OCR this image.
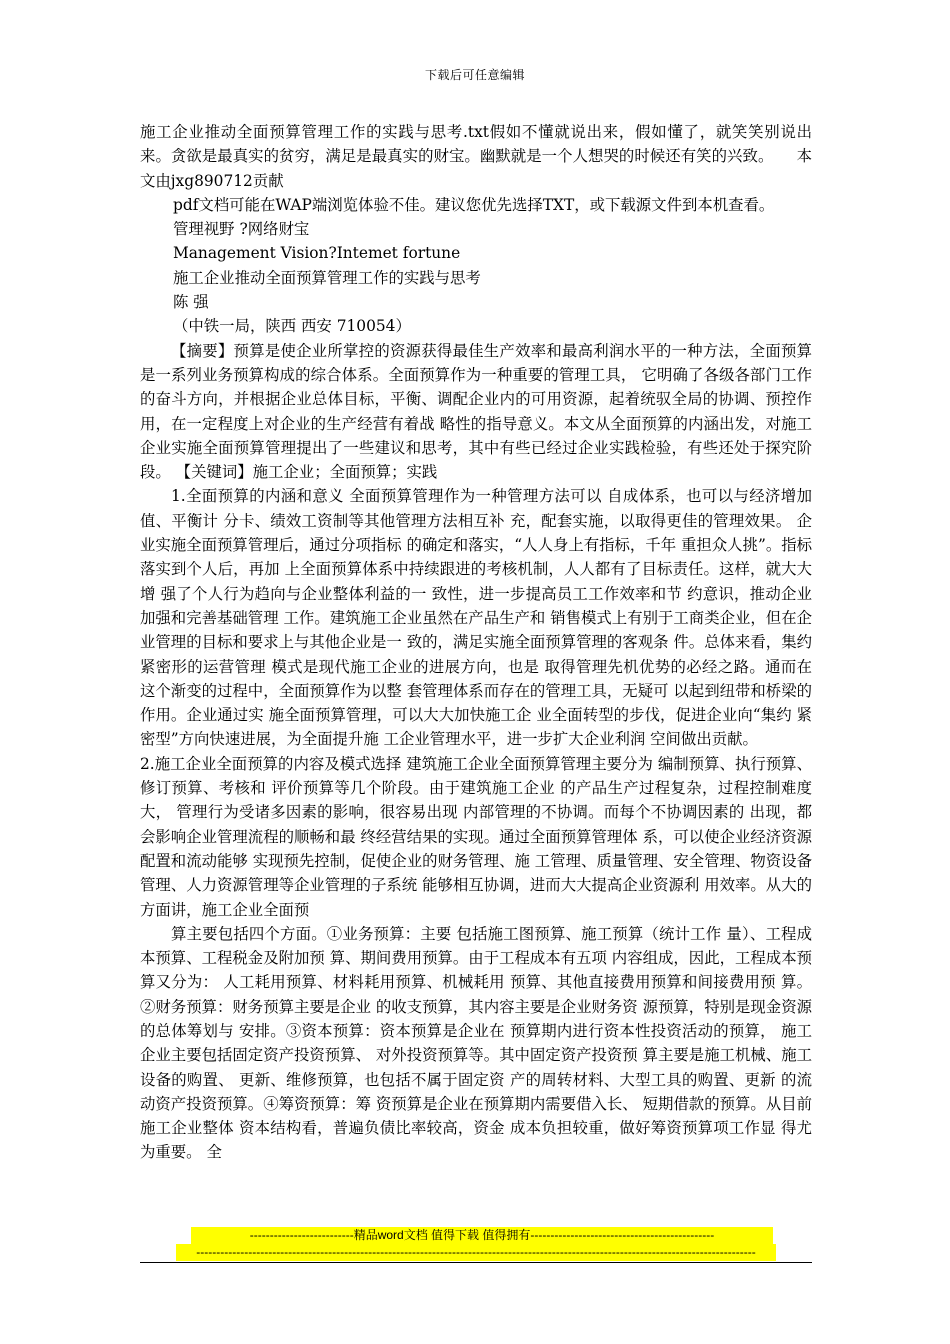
下载后可任意编辑

施工企业推动全面预算管理工作的实践与思考.txt假如不懂就说出来，假如懂了，就笑笑别说出来。贪欲是最真实的贫穷，满足是最真实的财宝。幽默就是一个人想哭的时候还有笑的兴致。　　本文由jxg890712贡献

pdf文档可能在WAP端浏览体验不佳。建议您优先选择TXT，或下载源文件到本机查看。

管理视野 ?网络财宝

Management Vision?Intemet fortune

施工企业推动全面预算管理工作的实践与思考

陈 强

（中铁一局，陕西 西安 710054）

【摘要】预算是使企业所掌控的资源获得最佳生产效率和最高利润水平的一种方法，全面预算是一系列业务预算构成的综合体系。全面预算作为一种重要的管理工具， 它明确了各级各部门工作的奋斗方向，并根据企业总体目标，平衡、调配企业内的可用资源，起着统驭全局的协调、预控作用，在一定程度上对企业的生产经营有着战 略性的指导意义。本文从全面预算的内涵出发，对施工企业实施全面预算管理提出了一些建议和思考，其中有些已经过企业实践检验，有些还处于探究阶段。 【关键词】施工企业；全面预算；实践

1.全面预算的内涵和意义 全面预算管理作为一种管理方法可以 自成体系，也可以与经济增加值、平衡计 分卡、绩效工资制等其他管理方法相互补 充，配套实施，以取得更佳的管理效果。 企业实施全面预算管理后，通过分项指标 的确定和落实，“人人身上有指标，千年 重担众人挑”。指标落实到个人后，再加 上全面预算体系中持续跟进的考核机制，人人都有了目标责任。这样，就大大增 强了个人行为趋向与企业整体利益的一 致性，进一步提高员工工作效率和节 约意识，推动企业加强和完善基础管理 工作。建筑施工企业虽然在产品生产和 销售模式上有别于工商类企业，但在企 业管理的目标和要求上与其他企业是一 致的，满足实施全面预算管理的客观条 件。总体来看，集约紧密形的运营管理 模式是现代施工企业的进展方向，也是 取得管理先机优势的必经之路。通而在 这个渐变的过程中，全面预算作为以整 套管理体系而存在的管理工具，无疑可 以起到纽带和桥梁的作用。企业通过实 施全面预算管理，可以大大加快施工企 业全面转型的步伐，促进企业向“集约 紧密型”方向快速进展，为全面提升施 工企业管理水平，进一步扩大企业利润 空间做出贡献。

2.施工企业全面预算的内容及模式选择 建筑施工企业全面预算管理主要分为 编制预算、执行预算、修订预算、考核和 评价预算等几个阶段。由于建筑施工企业 的产品生产过程复杂，过程控制难度大， 管理行为受诸多因素的影响，很容易出现 内部管理的不协调。而每个不协调因素的 出现，都会影响企业管理流程的顺畅和最 终经营结果的实现。通过全面预算管理体 系，可以使企业经济资源配置和流动能够 实现预先控制，促使企业的财务管理、施 工管理、质量管理、安全管理、物资设备 管理、人力资源管理等企业管理的子系统 能够相互协调，进而大大提高企业资源利 用效率。从大的方面讲，施工企业全面预

算主要包括四个方面。①业务预算：主要 包括施工图预算、施工预算（统计工作 量）、工程成本预算、工程税金及附加预 算、期间费用预算。由于工程成本有五项 内容组成，因此，工程成本预算又分为： 人工耗用预算、材料耗用预算、机械耗用 预算、其他直接费用预算和间接费用预 算。②财务预算：财务预算主要是企业 的收支预算，其内容主要是企业财务资 源预算，特别是现金资源的总体筹划与 安排。③资本预算：资本预算是企业在 预算期内进行资本性投资活动的预算， 施工企业主要包括固定资产投资预算、 对外投资预算等。其中固定资产投资预 算主要是施工机械、施工设备的购置、 更新、维修预算，也包括不属于固定资 产的周转材料、大型工具的购置、更新 的流动资产投资预算。④筹资预算：筹 资预算是企业在预算期内需要借入长、 短期借款的预算。从目前施工企业整体 资本结构看，普遍负债比率较高，资金 成本负担较重，做好筹资预算项工作显 得尤为重要。 全

--------------------------精品word文档 值得下载 值得拥有----------------------------------------------
--------------------------------------------------------------------------------------------------------------------------------------------
